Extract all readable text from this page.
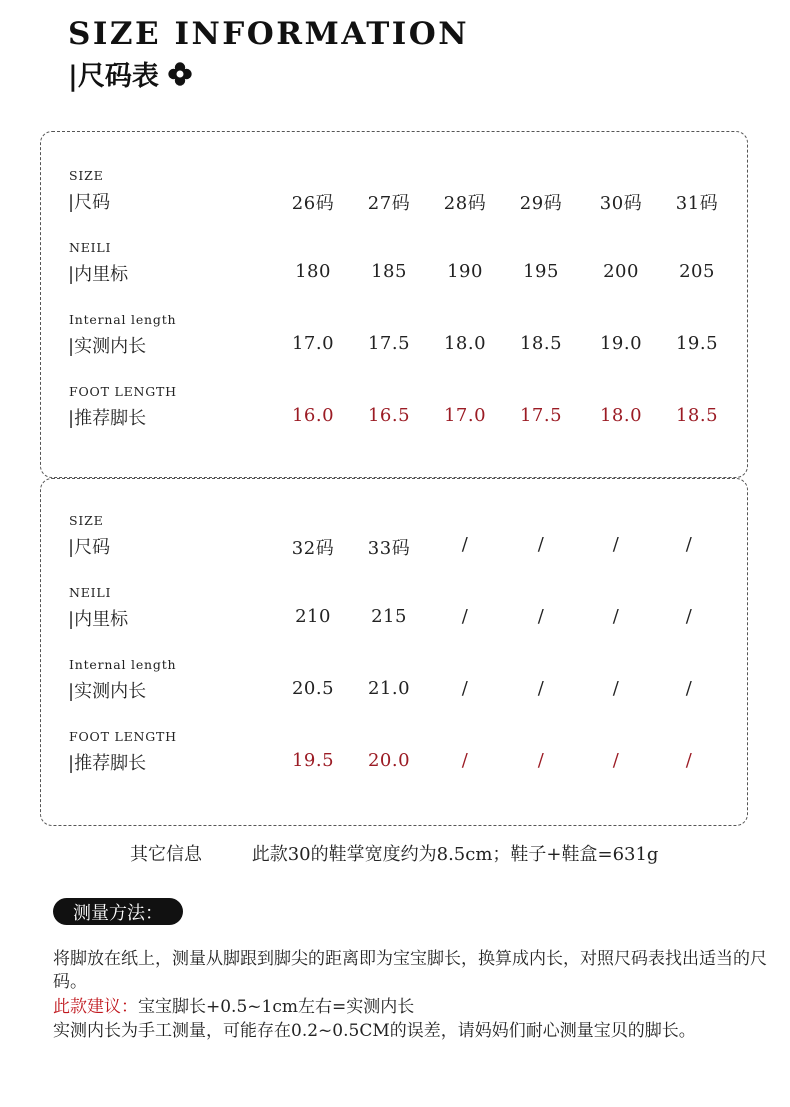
SIZE INFORMATION
|尺码表
SIZE
|尺码	26码	27码	28码	29码	30码	31码
NEILI
|内里标	180	185	190	195	200	205
Internal length
|实测内长	17.0	17.5	18.0	18.5	19.0	19.5
FOOT LENGTH
|推荐脚长	16.0	16.5	17.0	17.5	18.0	18.5
SIZE
|尺码	32码	33码	/	/	/	/
NEILI
|内里标	210	215	/	/	/	/
Internal length
|实测内长	20.5	21.0	/	/	/	/
FOOT LENGTH
|推荐脚长	19.5	20.0	/	/	/	/
其它信息	此款30的鞋掌宽度约为8.5cm；鞋子+鞋盒=631g
测量方法：
将脚放在纸上，测量从脚跟到脚尖的距离即为宝宝脚长，换算成内长，对照尺码表找出适当的尺码。
此款建议：宝宝脚长+0.5~1cm左右=实测内长
实测内长为手工测量，可能存在0.2~0.5CM的误差，请妈妈们耐心测量宝贝的脚长。
